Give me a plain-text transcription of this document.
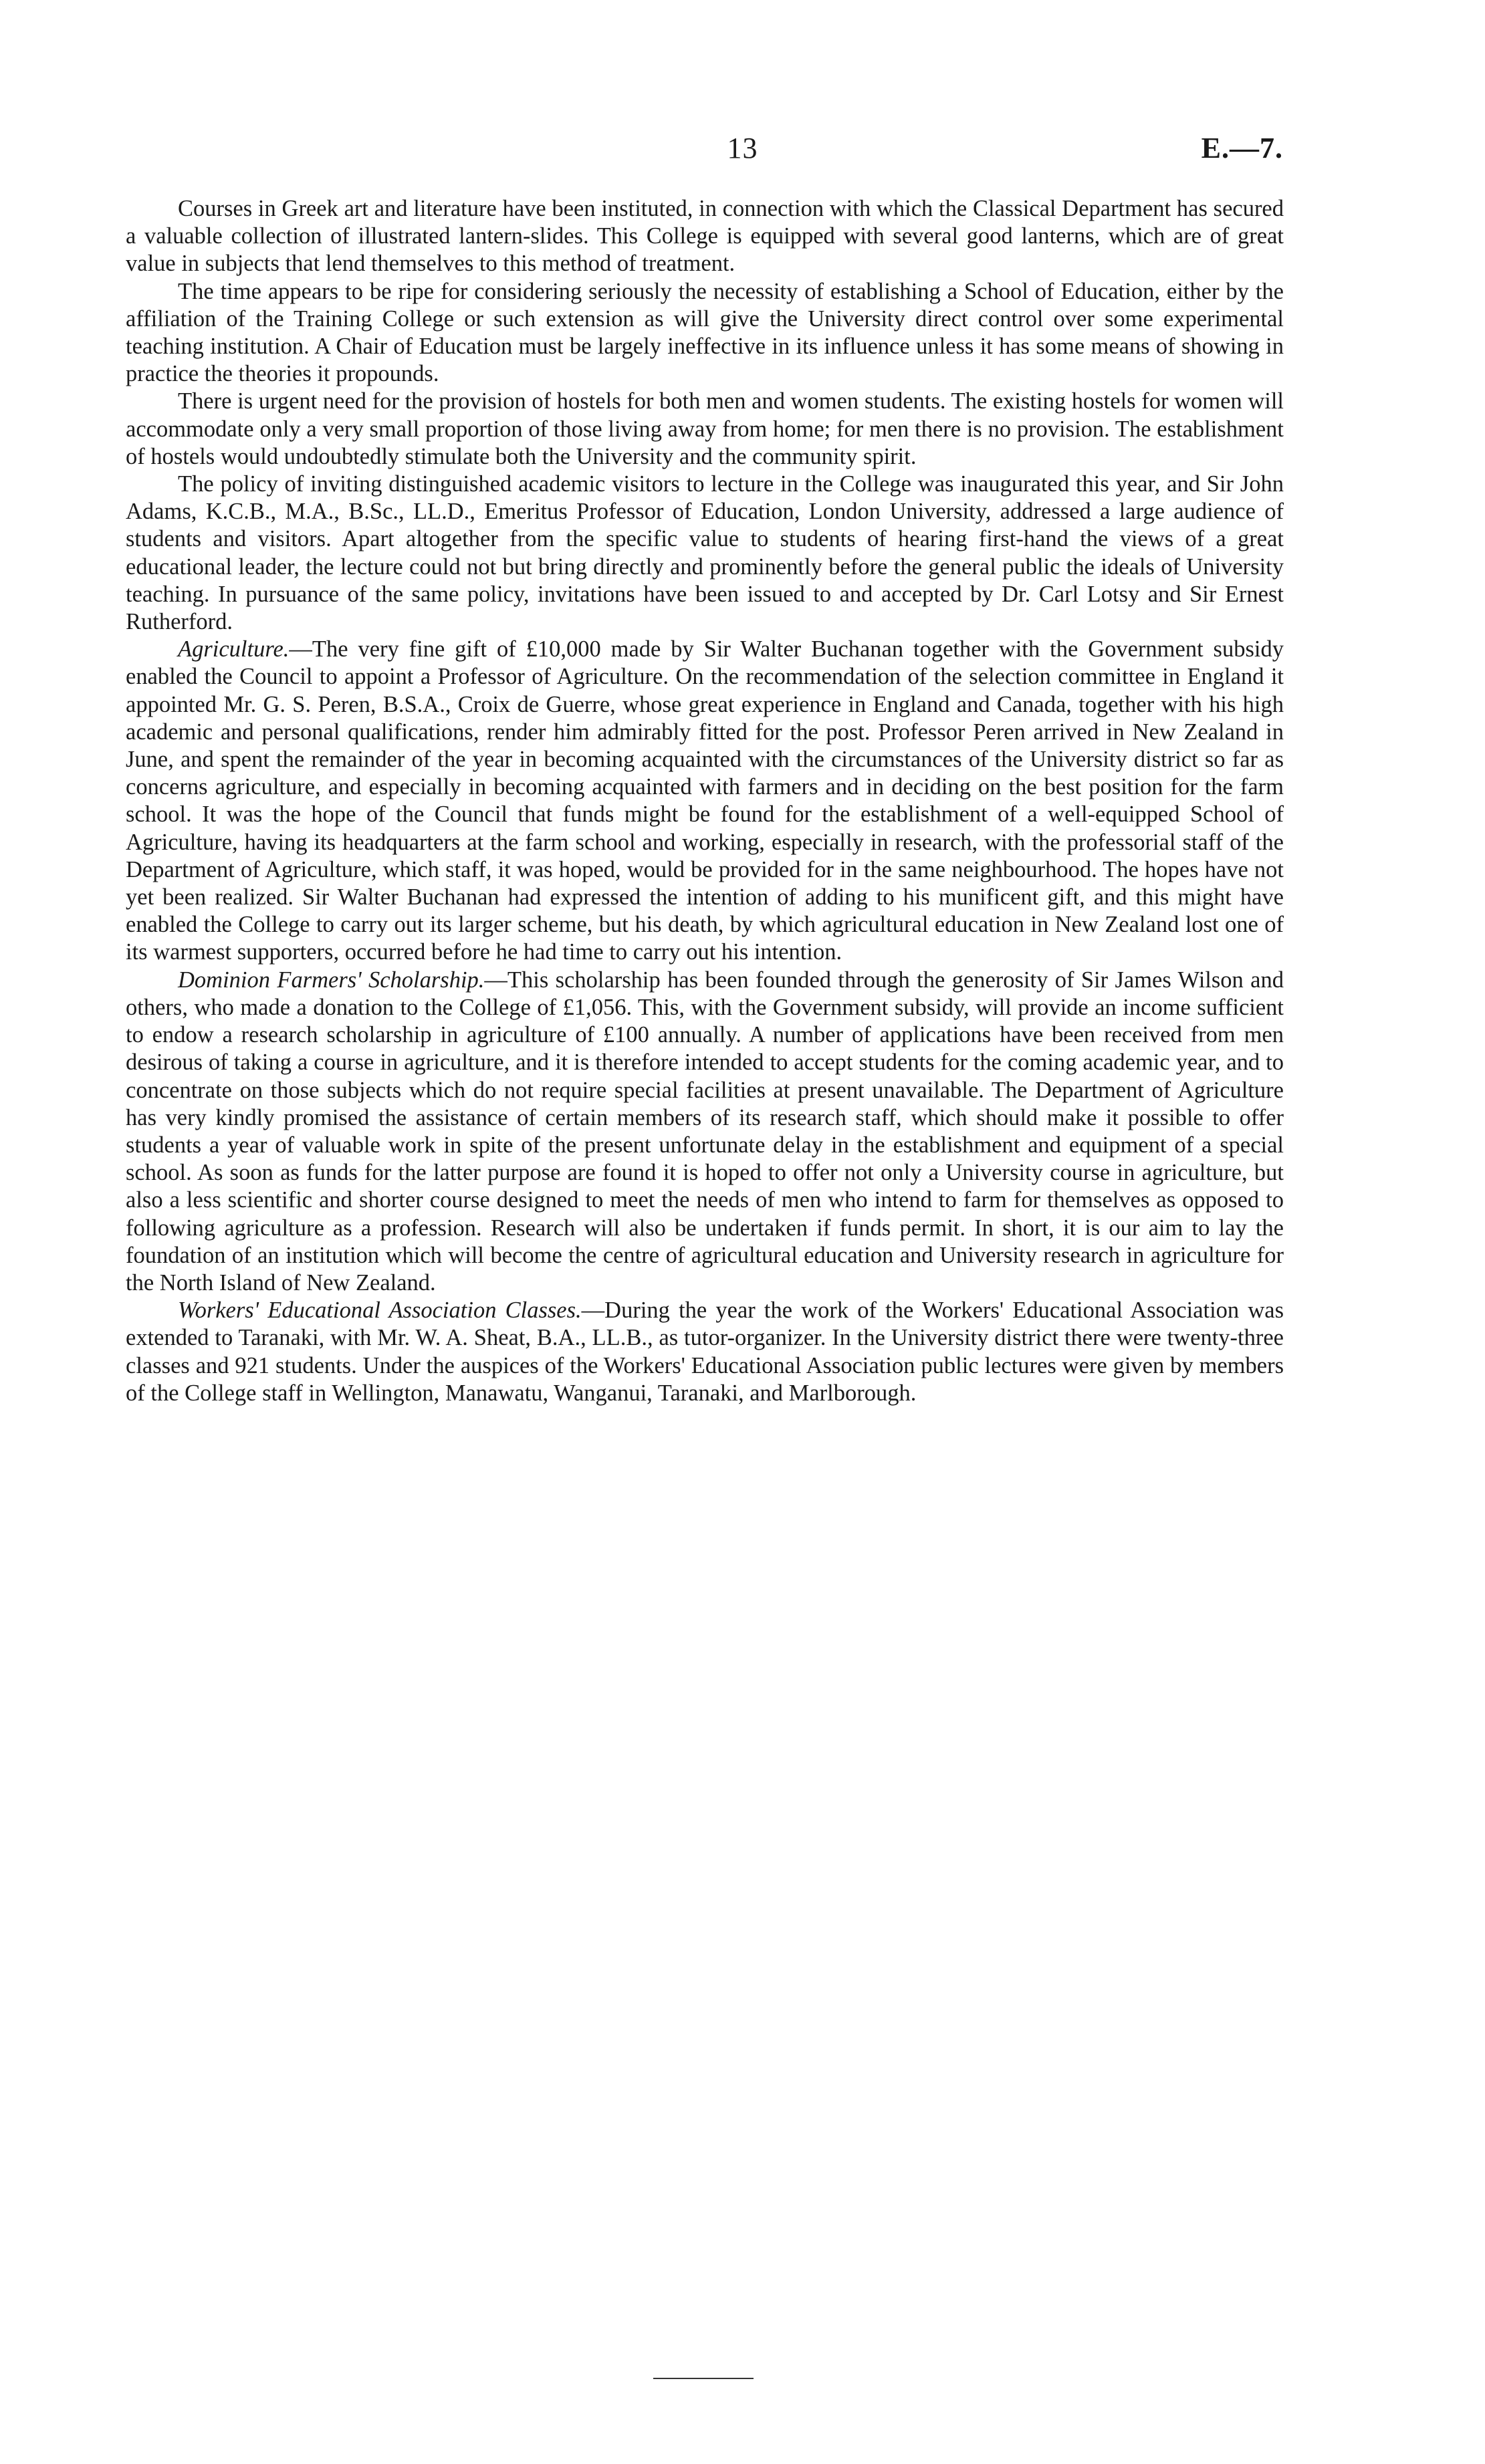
13	E.—7.

Courses in Greek art and literature have been instituted, in connection with which the Classical Department has secured a valuable collection of illustrated lantern-slides. This College is equipped with several good lanterns, which are of great value in subjects that lend themselves to this method of treatment.

The time appears to be ripe for considering seriously the necessity of establishing a School of Education, either by the affiliation of the Training College or such extension as will give the University direct control over some experimental teaching institution. A Chair of Education must be largely ineffective in its influence unless it has some means of showing in practice the theories it propounds.

There is urgent need for the provision of hostels for both men and women students. The existing hostels for women will accommodate only a very small proportion of those living away from home; for men there is no provision. The establishment of hostels would undoubtedly stimulate both the University and the community spirit.

The policy of inviting distinguished academic visitors to lecture in the College was inaugurated this year, and Sir John Adams, K.C.B., M.A., B.Sc., LL.D., Emeritus Professor of Education, London University, addressed a large audience of students and visitors. Apart altogether from the specific value to students of hearing first-hand the views of a great educational leader, the lecture could not but bring directly and prominently before the general public the ideals of University teaching. In pursuance of the same policy, invitations have been issued to and accepted by Dr. Carl Lotsy and Sir Ernest Rutherford.

Agriculture.—The very fine gift of £10,000 made by Sir Walter Buchanan together with the Government subsidy enabled the Council to appoint a Professor of Agriculture. On the recommendation of the selection committee in England it appointed Mr. G. S. Peren, B.S.A., Croix de Guerre, whose great experience in England and Canada, together with his high academic and personal qualifications, render him admirably fitted for the post. Professor Peren arrived in New Zealand in June, and spent the remainder of the year in becoming acquainted with the circumstances of the University district so far as concerns agriculture, and especially in becoming acquainted with farmers and in deciding on the best position for the farm school. It was the hope of the Council that funds might be found for the establishment of a well-equipped School of Agriculture, having its headquarters at the farm school and working, especially in research, with the professorial staff of the Department of Agriculture, which staff, it was hoped, would be provided for in the same neighbourhood. The hopes have not yet been realized. Sir Walter Buchanan had expressed the intention of adding to his munificent gift, and this might have enabled the College to carry out its larger scheme, but his death, by which agricultural education in New Zealand lost one of its warmest supporters, occurred before he had time to carry out his intention.

Dominion Farmers' Scholarship.—This scholarship has been founded through the generosity of Sir James Wilson and others, who made a donation to the College of £1,056. This, with the Government subsidy, will provide an income sufficient to endow a research scholarship in agriculture of £100 annually. A number of applications have been received from men desirous of taking a course in agriculture, and it is therefore intended to accept students for the coming academic year, and to concentrate on those subjects which do not require special facilities at present unavailable. The Department of Agriculture has very kindly promised the assistance of certain members of its research staff, which should make it possible to offer students a year of valuable work in spite of the present unfortunate delay in the establishment and equipment of a special school. As soon as funds for the latter purpose are found it is hoped to offer not only a University course in agriculture, but also a less scientific and shorter course designed to meet the needs of men who intend to farm for themselves as opposed to following agriculture as a profession. Research will also be undertaken if funds permit. In short, it is our aim to lay the foundation of an institution which will become the centre of agricultural education and University research in agriculture for the North Island of New Zealand.

Workers' Educational Association Classes.—During the year the work of the Workers' Educational Association was extended to Taranaki, with Mr. W. A. Sheat, B.A., LL.B., as tutor-organizer. In the University district there were twenty-three classes and 921 students. Under the auspices of the Workers' Educational Association public lectures were given by members of the College staff in Wellington, Manawatu, Wanganui, Taranaki, and Marlborough.
